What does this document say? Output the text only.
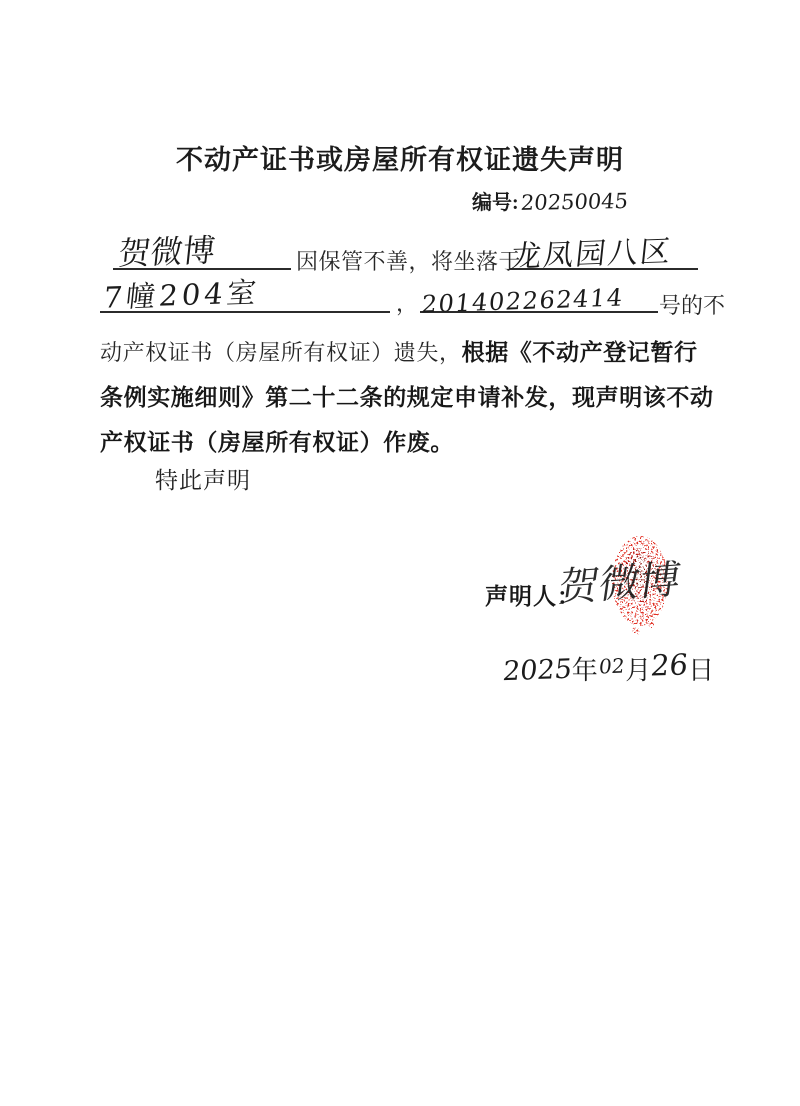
不动产证书或房屋所有权证遗失声明
编号:20250045
贺微博	因保管不善，将坐落于
龙凤园八区
7幢204室	， 201402262414 号的不
动产权证书（房屋所有权证）遗失，根据《不动产登记暂行
条例实施细则》第二十二条的规定申请补发，现声明该不动
产权证书（房屋所有权证）作废。
特此声明
声明人：
贺微博
2025年02月26日
